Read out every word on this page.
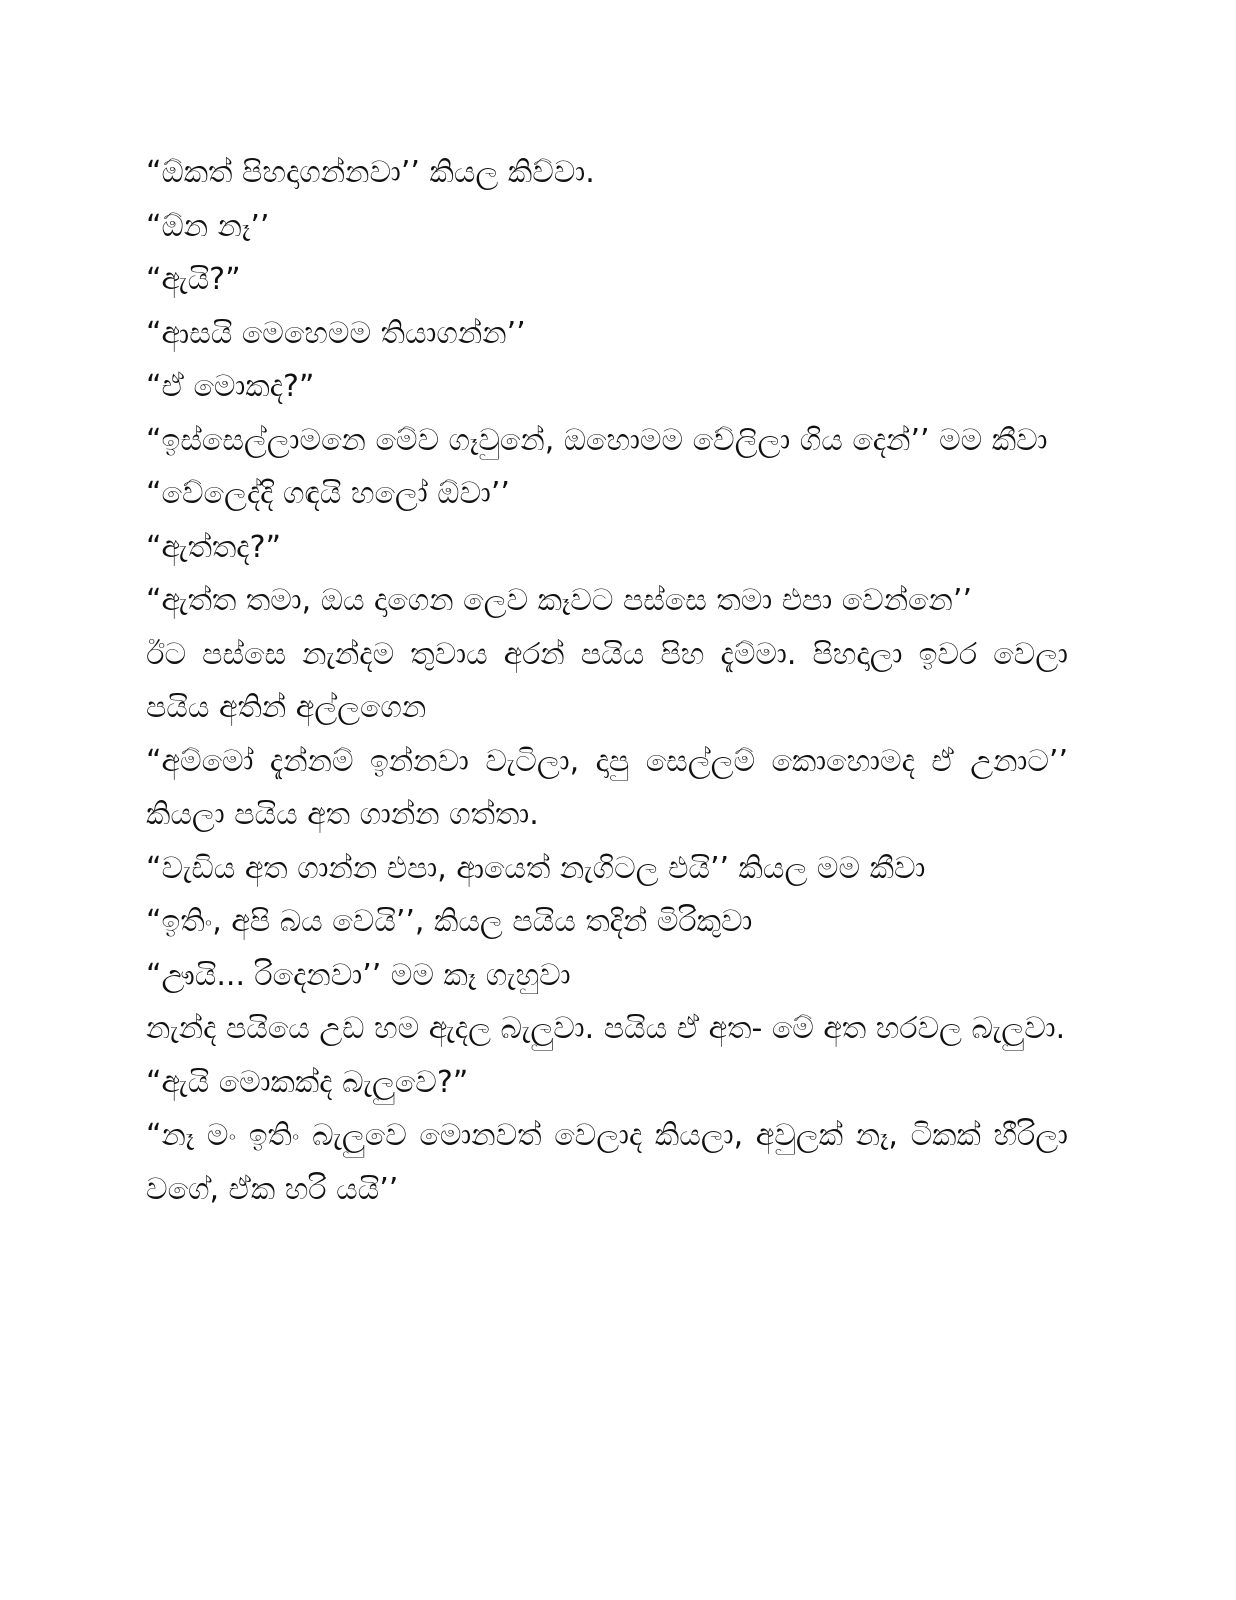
“ඕකත් පිහදාගන්නවා’’ කියල කිව්වා.

“ඕන නෑ’’

“ඇයි?”

“ආසයි මෙහෙමම තියාගන්න’’

“ඒ මොකද?”

“ඉස්සෙල්ලාමනෙ මේව ගෑවුනේ, ඔහොමම වේලිලා ගිය දෙන්’’ මම කීවා

“වේලෙද්දි ගඳයි හලෝ ඕවා’’

“ඇත්තද?”

“ඇත්ත තමා, ඔය දාගෙන ලෙව කෑවට පස්සෙ තමා එපා වෙන්නෙ’’

ඊට පස්සෙ නැන්දම තුවාය අරන් පයිය පිහ දැම්මා. පිහදාලා ඉවර වෙලා පයිය අතින් අල්ලගෙන

“අම්මෝ දැන්නම් ඉන්නවා වැටිලා, දාපු සෙල්ලම් කොහොමද ඒ උනාට’’ කියලා පයිය අත ගාන්න ගත්තා.

“වැඩිය අත ගාන්න එපා, ආයෙත් නැගිටල එයි’’ කියල මම කීවා

“ඉතිං, අපි බය වෙයි’’, කියල පයිය තදින් මිරිකුවා

“ඌයි... රිදෙනවා’’ මම කෑ ගැහුවා

නැන්ද පයියෙ උඩ හම ඇදල බැලුවා. පයිය ඒ අත- මේ අත හරවල බැලුවා.

“ඇයි මොකක්ද බැලුවෙ?”

“නෑ මං ඉතිං බැලුවෙ මොනවත් වෙලාද කියලා, අවුලක් නෑ, ටිකක් හීරිලා වගේ, ඒක හරි යයි’’
